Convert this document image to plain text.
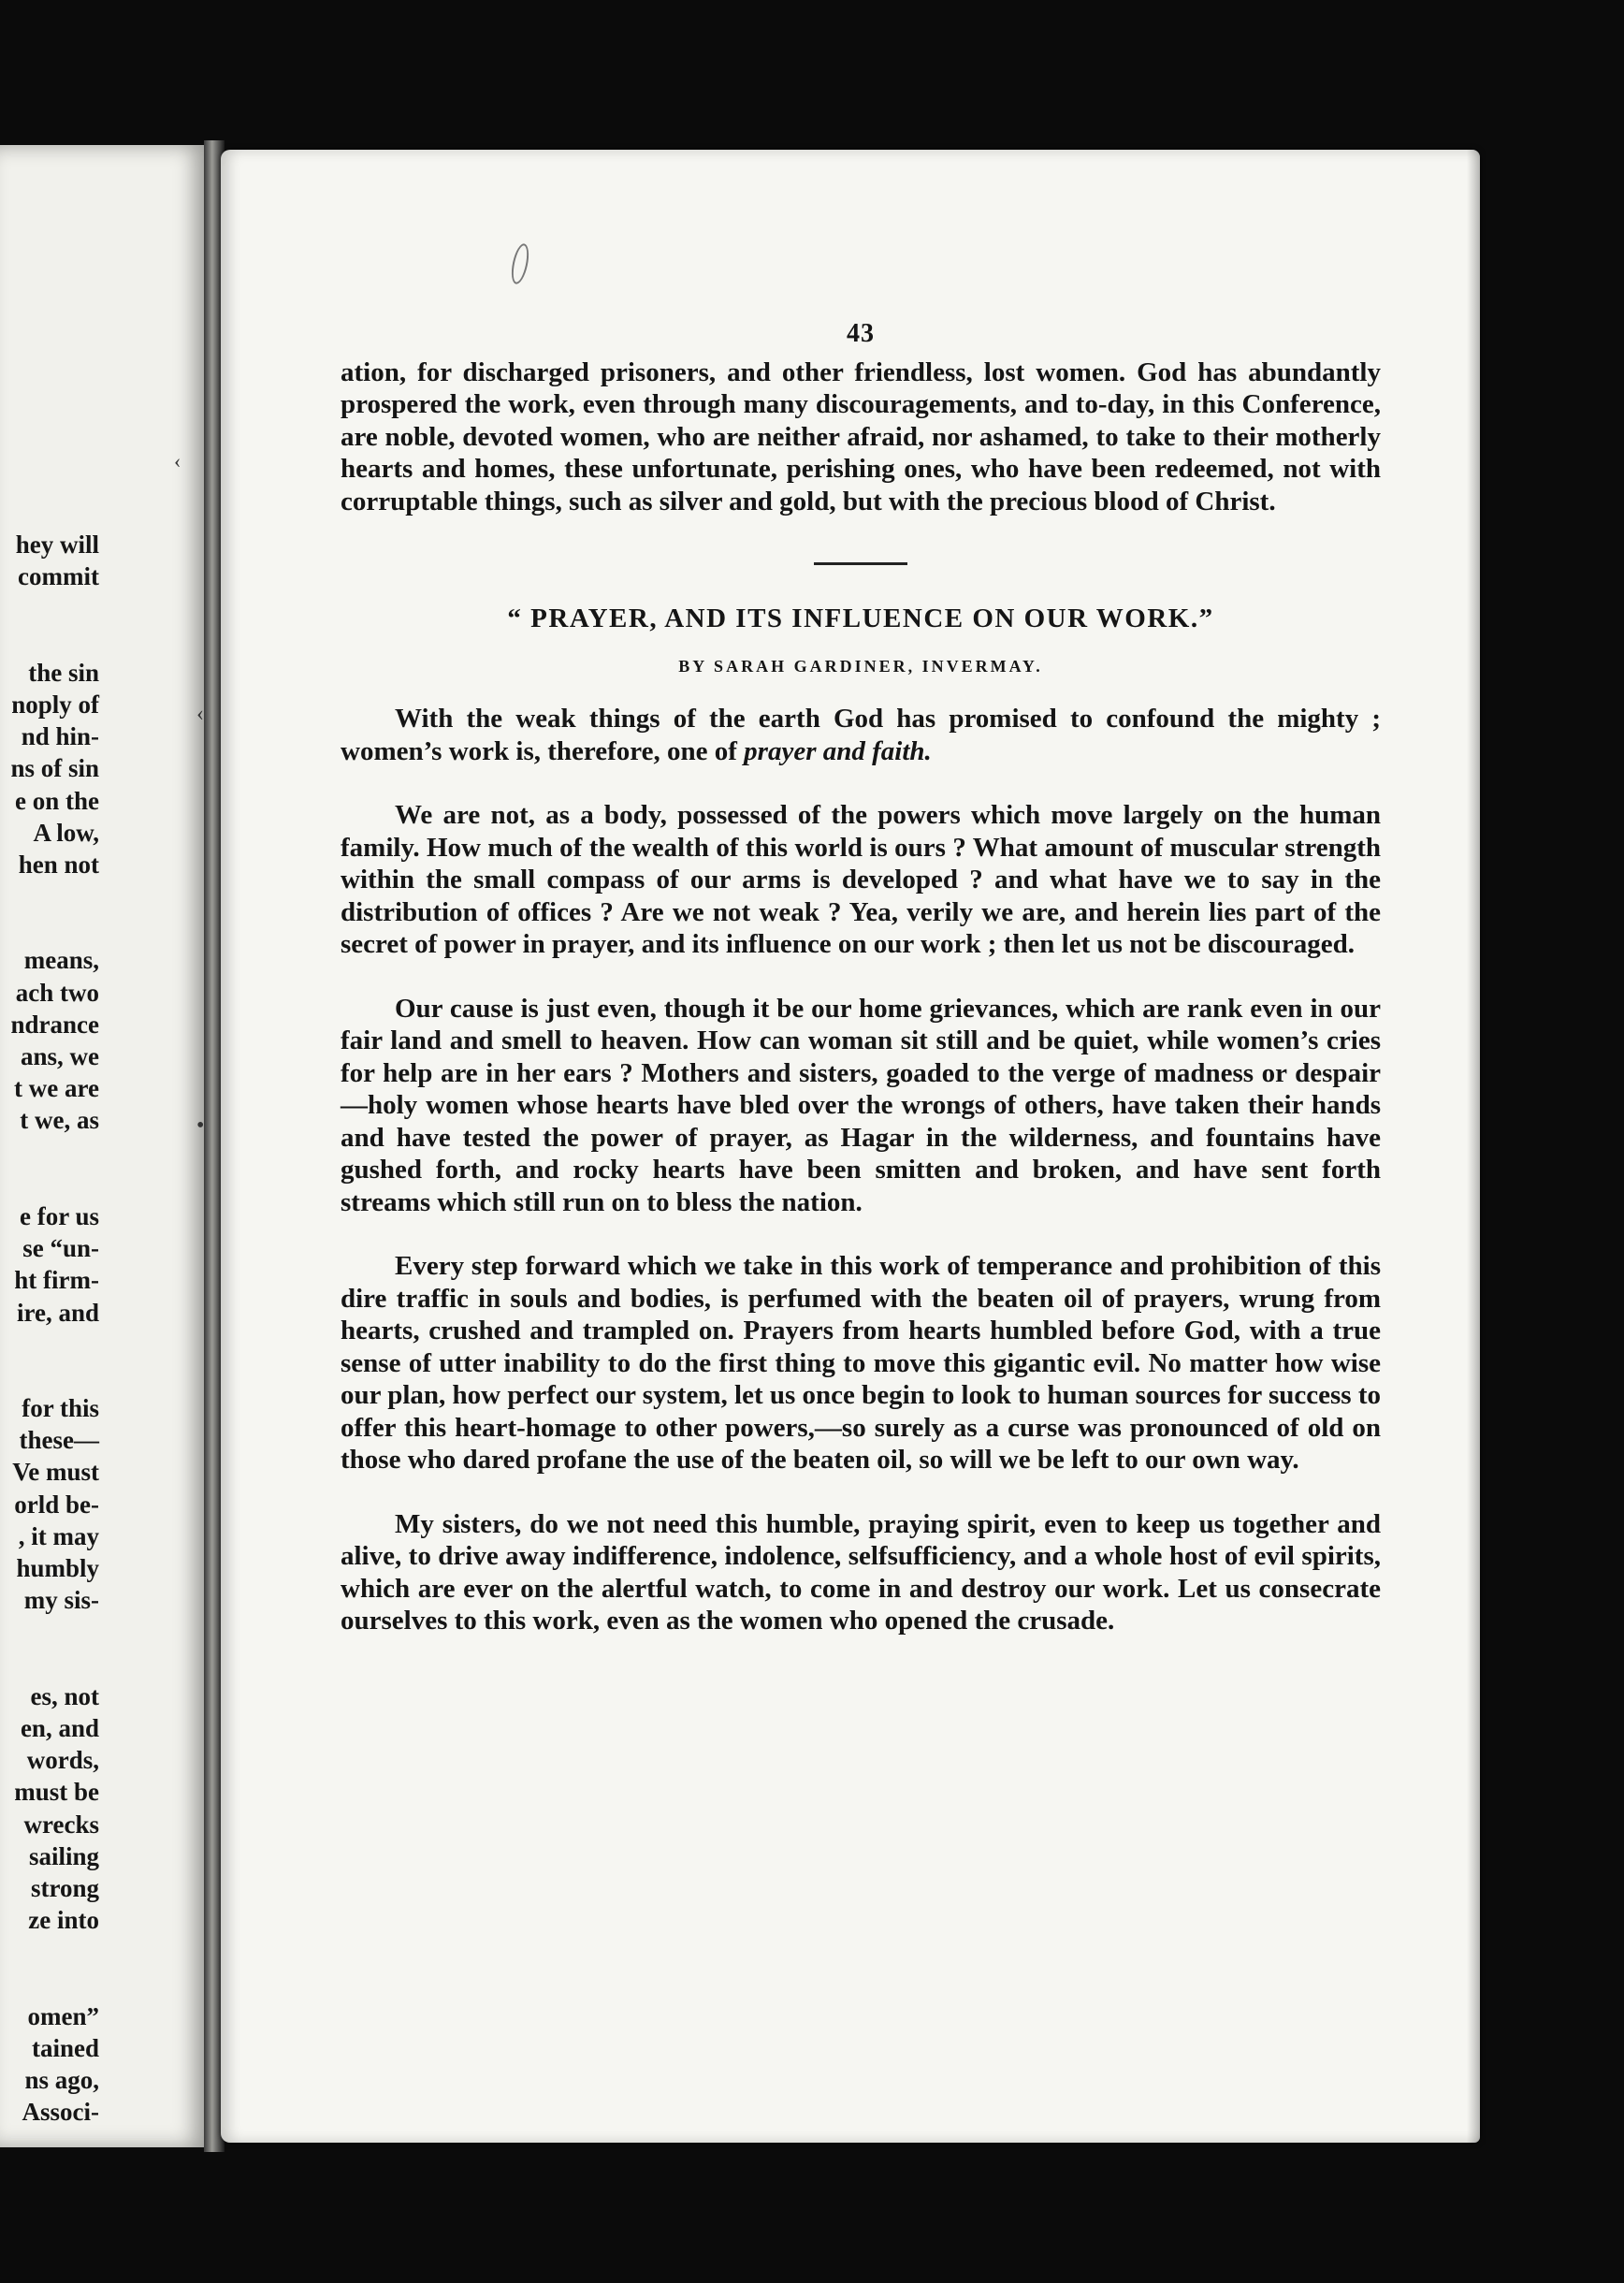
hey will
commit
the sin
noply of
nd hin-
ns of sin
e on the
A low,
hen not
means,
ach two
ndrance
ans, we
t we are
t we, as
e for us
se “un-
ht firm-
ire, and
for this
these—
Ve must
orld be-
, it may
humbly
my sis-
es, not
en, and
words,
must be
wrecks
sailing
strong
ze into
omen”
tained
ns ago,
Associ-
‹
‹
•
43

ation, for discharged prisoners, and other friendless, lost women. God has abundantly prospered the work, even through many discouragements, and to-day, in this Conference, are noble, devoted women, who are neither afraid, nor ashamed, to take to their motherly hearts and homes, these unfortunate, perishing ones, who have been redeemed, not with corruptable things, such as silver and gold, but with the precious blood of Christ.

“ PRAYER, AND ITS INFLUENCE ON OUR WORK.”
BY SARAH GARDINER, INVERMAY.

With the weak things of the earth God has promised to confound the mighty ; women’s work is, therefore, one of prayer and faith.

We are not, as a body, possessed of the powers which move largely on the human family. How much of the wealth of this world is ours ? What amount of muscular strength within the small compass of our arms is developed ? and what have we to say in the distribution of offices ? Are we not weak ? Yea, verily we are, and herein lies part of the secret of power in prayer, and its influence on our work ; then let us not be discouraged.

Our cause is just even, though it be our home grievances, which are rank even in our fair land and smell to heaven. How can woman sit still and be quiet, while women’s cries for help are in her ears ? Mothers and sisters, goaded to the verge of madness or despair—holy women whose hearts have bled over the wrongs of others, have taken their hands and have tested the power of prayer, as Hagar in the wilderness, and fountains have gushed forth, and rocky hearts have been smitten and broken, and have sent forth streams which still run on to bless the nation.

Every step forward which we take in this work of temperance and prohibition of this dire traffic in souls and bodies, is perfumed with the beaten oil of prayers, wrung from hearts, crushed and trampled on. Prayers from hearts humbled before God, with a true sense of utter inability to do the first thing to move this gigantic evil. No matter how wise our plan, how perfect our system, let us once begin to look to human sources for success to offer this heart-homage to other powers,—so surely as a curse was pronounced of old on those who dared profane the use of the beaten oil, so will we be left to our own way.

My sisters, do we not need this humble, praying spirit, even to keep us together and alive, to drive away indifference, indolence, selfsufficiency, and a whole host of evil spirits, which are ever on the alertful watch, to come in and destroy our work. Let us consecrate ourselves to this work, even as the women who opened the crusade.
